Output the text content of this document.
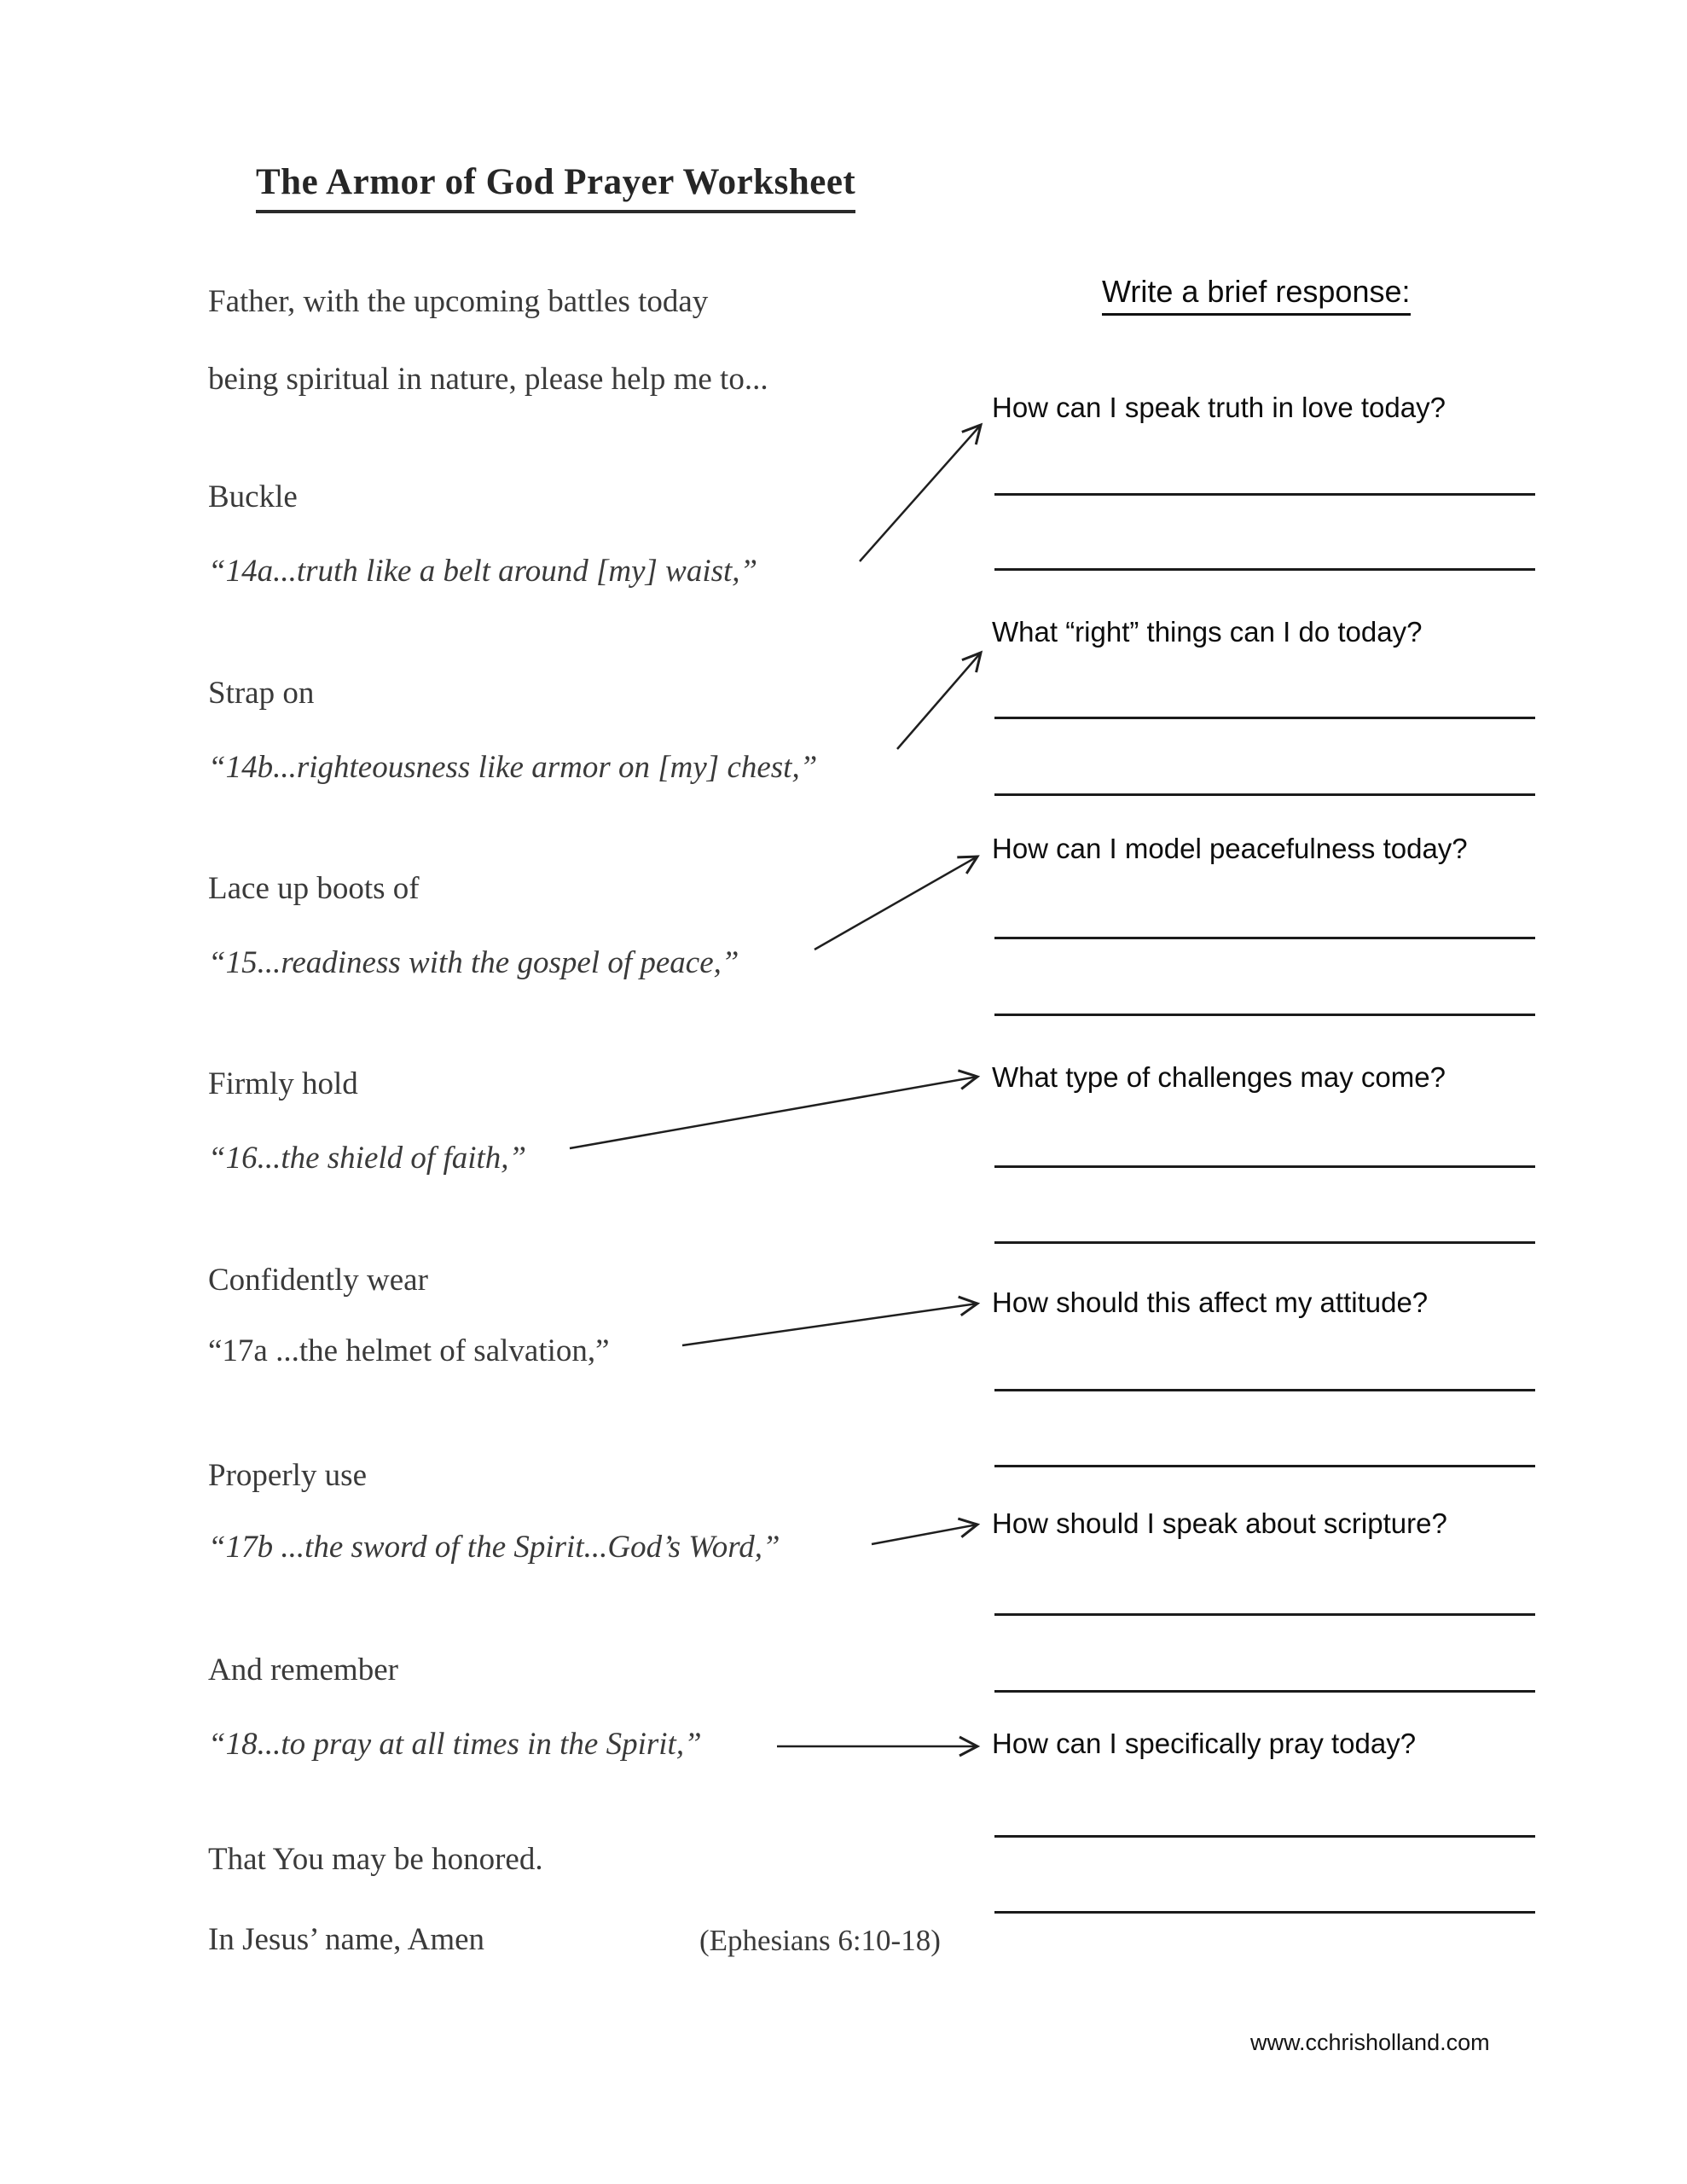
The Armor of God Prayer Worksheet
Father, with the upcoming battles today
being spiritual in nature, please help me to...
Write a brief response:
Buckle
“14a...truth like a belt around [my] waist,”
Strap on
“14b...righteousness like armor on [my] chest,”
Lace up boots of
“15...readiness with the gospel of peace,”
Firmly hold
“16...the shield of faith,”
Confidently wear
“17a ...the helmet of salvation,”
Properly use
“17b ...the sword of the Spirit...God’s Word,”
And remember
“18...to pray at all times in the Spirit,”
How can I speak truth in love today?
What “right” things can I do today?
How can I model peacefulness today?
What type of challenges may come?
How should this affect my attitude?
How should I speak about scripture?
How can I specifically pray today?
That You may be honored.
In Jesus’ name, Amen	(Ephesians 6:10-18)
www.cchrisholland.com
